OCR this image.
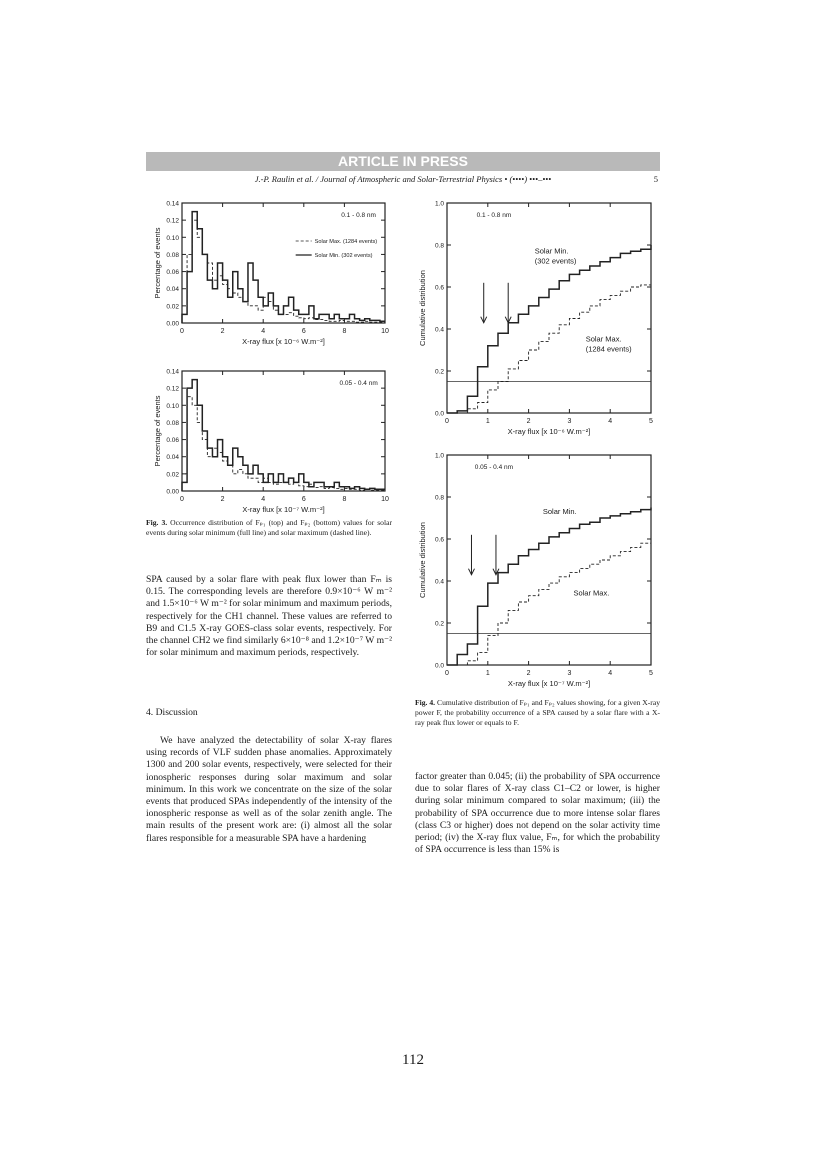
ARTICLE IN PRESS
J.-P. Raulin et al. / Journal of Atmospheric and Solar-Terrestrial Physics • (••••) •••–•••	5
0.00
0.02
0.04
0.06
0.08
0.10
0.12
0.14
0	2	4	6	8	10
X-ray flux [x 10⁻⁶ W.m⁻²]
Percentage of events
0.1 - 0.8 nm
Solar Max. (1284 events)
Solar Min. (302 events)
0.00
0.02
0.04
0.06
0.08
0.10
0.12
0.14
0	2	4	6	8	10
X-ray flux [x 10⁻⁷ W.m⁻²]
Percentage of events
0.05 - 0.4 nm
0.0
0.2
0.4
0.6
0.8
1.0
0	1	2	3	4	5
X-ray flux [x 10⁻⁶ W.m⁻²]
Cumulative distribution
0.1 - 0.8 nm
Solar Min.
(302 events)
Solar Max.
(1284 events)
0.0
0.2
0.4
0.6
0.8
1.0
0	1	2	3	4	5
X-ray flux [x 10⁻⁷ W.m⁻²]
Cumulative distribution
0.05 - 0.4 nm
Solar Min.
Solar Max.
Fig. 3. Occurrence distribution of Fₚ₁ (top) and Fₚ₂ (bottom) values for solar events during solar minimum (full line) and solar maximum (dashed line).
Fig. 4. Cumulative distribution of Fₚ₁ and Fₚ₂ values showing, for a given X-ray power F, the probability occurrence of a SPA caused by a solar flare with a X-ray peak flux lower or equals to F.

SPA caused by a solar flare with peak flux lower than Fₘ is 0.15. The corresponding levels are therefore 0.9×10⁻⁶ W m⁻² and 1.5×10⁻⁶ W m⁻² for solar minimum and maximum periods, respectively for the CH1 channel. These values are referred to B9 and C1.5 X-ray GOES-class solar events, respectively. For the channel CH2 we find similarly 6×10⁻⁸ and 1.2×10⁻⁷ W m⁻² for solar minimum and maximum periods, respectively.

4. Discussion

We have analyzed the detectability of solar X-ray flares using records of VLF sudden phase anomalies. Approximately 1300 and 200 solar events, respectively, were selected for their ionospheric responses during solar maximum and solar minimum. In this work we concentrate on the size of the solar events that produced SPAs independently of the intensity of the ionospheric response as well as of the solar zenith angle. The main results of the present work are: (i) almost all the solar flares responsible for a measurable SPA have a hardening

factor greater than 0.045; (ii) the probability of SPA occurrence due to solar flares of X-ray class C1–C2 or lower, is higher during solar minimum compared to solar maximum; (iii) the probability of SPA occurrence due to more intense solar flares (class C3 or higher) does not depend on the solar activity time period; (iv) the X-ray flux value, Fₘ, for which the probability of SPA occurrence is less than 15% is

112
